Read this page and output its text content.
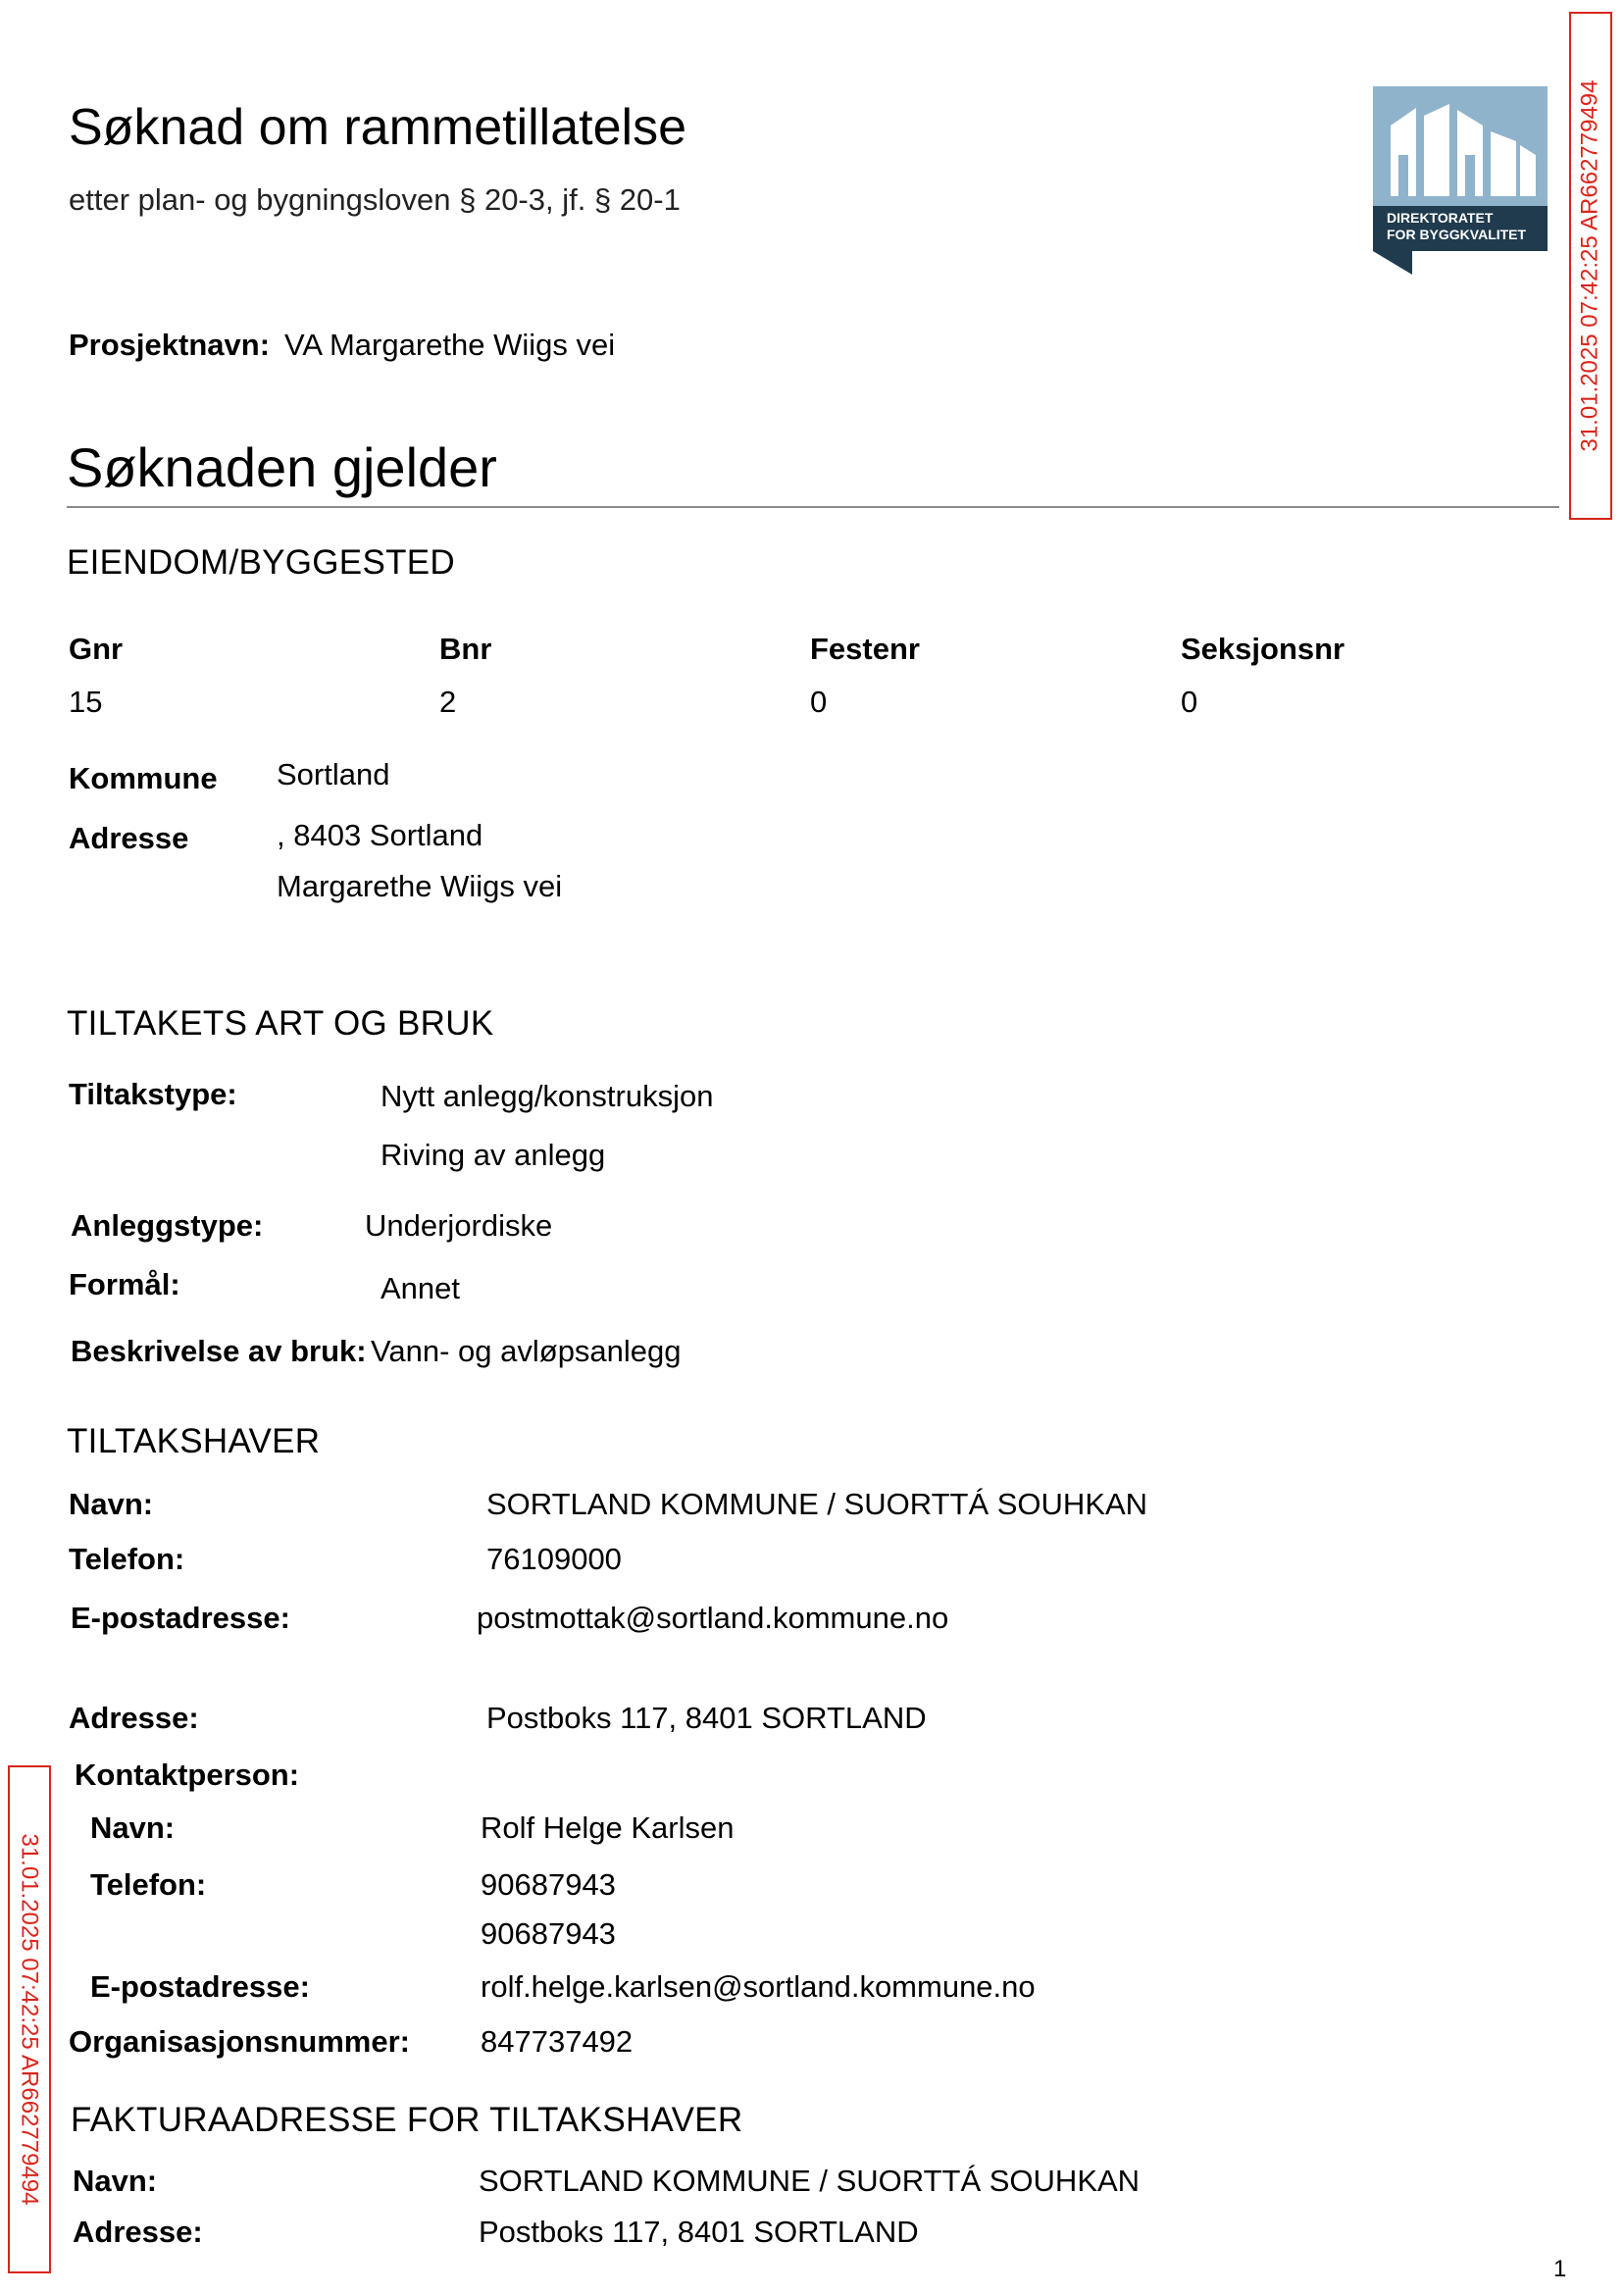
Søknad om rammetillatelse
etter plan- og bygningsloven § 20-3, jf. § 20-1
DIREKTORATET
FOR BYGGKVALITET 31.01.2025 07:42:25 AR662779494
31.01.2025 07:42:25 AR662779494
Prosjektnavn: VA Margarethe Wiigs vei
Søknaden gjelder
EIENDOM/BYGGESTED
Gnr	Bnr	Festenr	Seksjonsnr
15	2	0	0
Kommune Sortland
Adresse	, 8403 Sortland
Margarethe Wiigs vei
TILTAKETS ART OG BRUK
Tiltakstype:	Nytt anlegg/konstruksjon
Riving av anlegg
Anleggstype:	Underjordiske
Formål:	Annet
Beskrivelse av bruk: Vann- og avløpsanlegg
TILTAKSHAVER
Navn:	SORTLAND KOMMUNE / SUORTTÁ SOUHKAN
Telefon:	76109000
E-postadresse:	postmottak@sortland.kommune.no
Adresse:	Postboks 117, 8401 SORTLAND
Kontaktperson:
Navn:	Rolf Helge Karlsen
Telefon:	90687943
90687943
E-postadresse:	rolf.helge.karlsen@sortland.kommune.no
Organisasjonsnummer: 847737492
FAKTURAADRESSE FOR TILTAKSHAVER
Navn:	SORTLAND KOMMUNE / SUORTTÁ SOUHKAN
Adresse:	Postboks 117, 8401 SORTLAND
1
